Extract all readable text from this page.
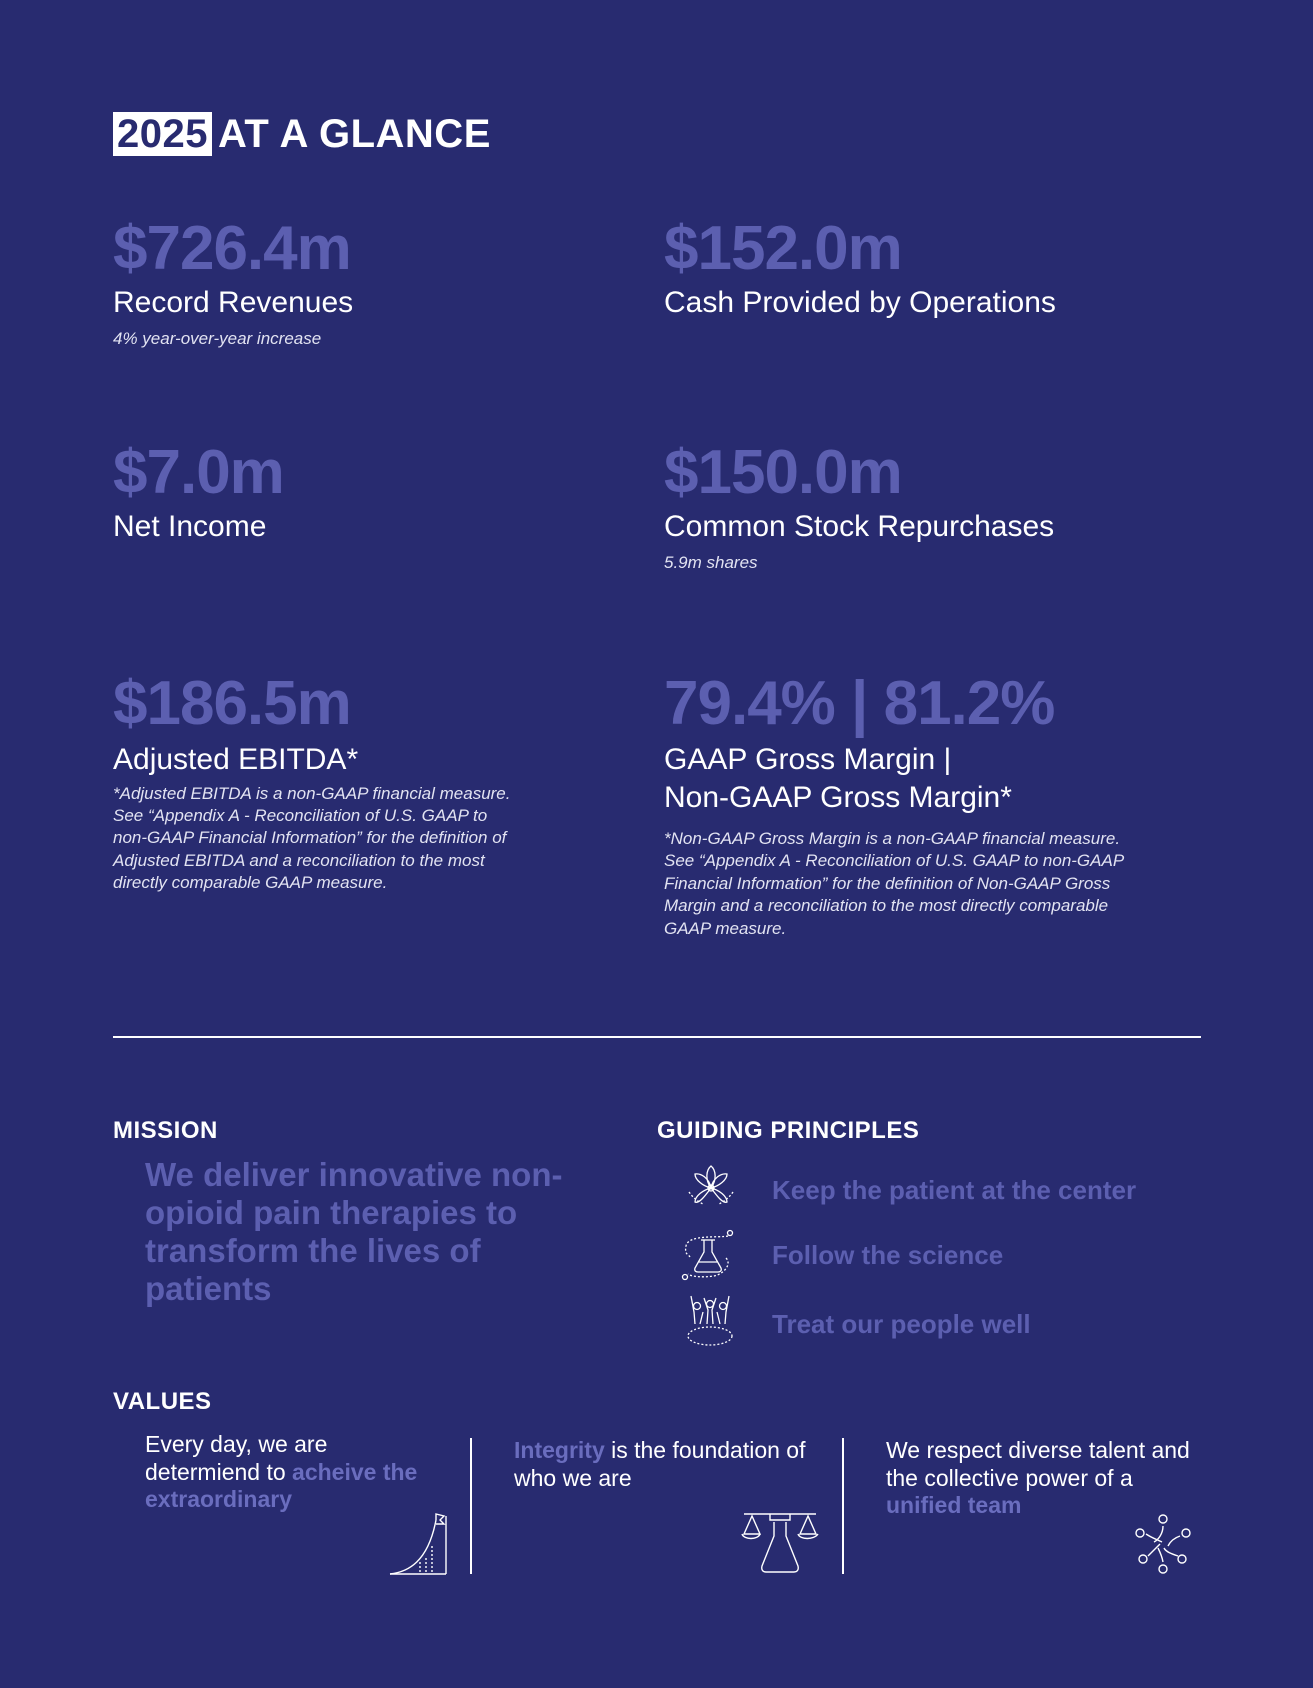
2025 AT A GLANCE
$726.4m
Record Revenues
4% year-over-year increase
$152.0m
Cash Provided by Operations
$7.0m
Net Income
$150.0m
Common Stock Repurchases
5.9m shares
$186.5m
Adjusted EBITDA*
*Adjusted EBITDA is a non-GAAP financial measure. See “Appendix A - Reconciliation of U.S. GAAP to non-GAAP Financial Information” for the definition of Adjusted EBITDA and a reconciliation to the most directly comparable GAAP measure.
79.4% | 81.2%
GAAP Gross Margin |
Non-GAAP Gross Margin*
*Non-GAAP Gross Margin is a non-GAAP financial measure. See “Appendix A - Reconciliation of U.S. GAAP to non-GAAP Financial Information” for the definition of Non-GAAP Gross Margin and a reconciliation to the most directly comparable GAAP measure.
MISSION
We deliver innovative non-opioid pain therapies to transform the lives of patients
GUIDING PRINCIPLES
Keep the patient at the center
Follow the science
Treat our people well
VALUES
Every day, we are determiend to acheive the extraordinary
Integrity is the foundation of who we are
We respect diverse talent and the collective power of a unified team
